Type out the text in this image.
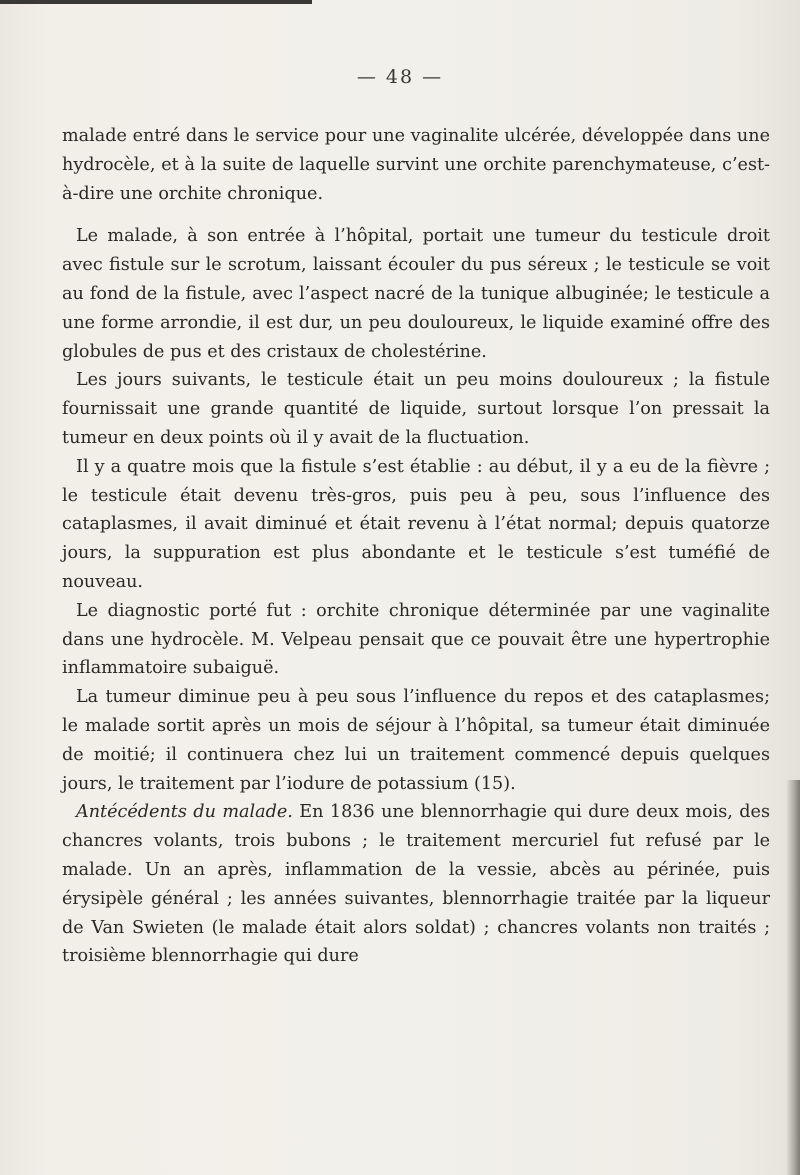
— 48 —

malade entré dans le service pour une vaginalite ulcérée, développée dans une hydrocèle, et à la suite de laquelle survint une orchite parenchymateuse, c’est-à-dire une orchite chronique.

Le malade, à son entrée à l’hôpital, portait une tumeur du testicule droit avec fistule sur le scrotum, laissant écouler du pus séreux ; le testicule se voit au fond de la fistule, avec l’aspect nacré de la tunique albuginée; le testicule a une forme arrondie, il est dur, un peu douloureux, le liquide examiné offre des globules de pus et des cristaux de cholestérine.

Les jours suivants, le testicule était un peu moins douloureux ; la fistule fournissait une grande quantité de liquide, surtout lorsque l’on pressait la tumeur en deux points où il y avait de la fluctuation.

Il y a quatre mois que la fistule s’est établie : au début, il y a eu de la fièvre ; le testicule était devenu très-gros, puis peu à peu, sous l’influence des cataplasmes, il avait diminué et était revenu à l’état normal; depuis quatorze jours, la suppuration est plus abondante et le testicule s’est tuméfié de nouveau.

Le diagnostic porté fut : orchite chronique déterminée par une vaginalite dans une hydrocèle. M. Velpeau pensait que ce pouvait être une hypertrophie inflammatoire subaiguë.

La tumeur diminue peu à peu sous l’influence du repos et des cataplasmes; le malade sortit après un mois de séjour à l’hôpital, sa tumeur était diminuée de moitié; il continuera chez lui un traitement commencé depuis quelques jours, le traitement par l’iodure de potassium (15).

Antécédents du malade. En 1836 une blennorrhagie qui dure deux mois, des chancres volants, trois bubons ; le traitement mercuriel fut refusé par le malade. Un an après, inflammation de la vessie, abcès au périnée, puis érysipèle général ; les années suivantes, blennorrhagie traitée par la liqueur de Van Swieten (le malade était alors soldat) ; chancres volants non traités ; troisième blennorrhagie qui dure
